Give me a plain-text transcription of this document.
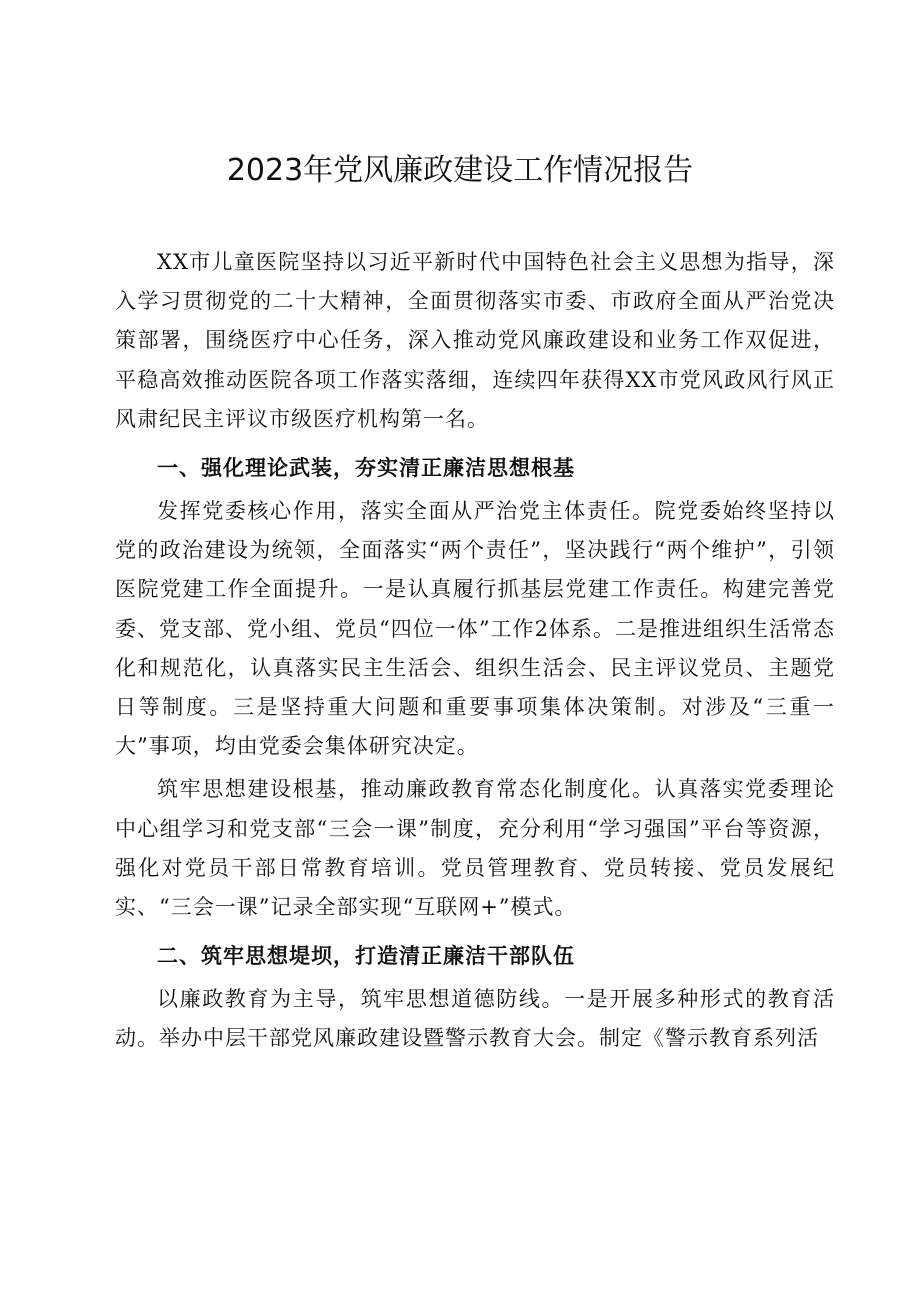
2023年党风廉政建设工作情况报告

XX市儿童医院坚持以习近平新时代中国特色社会主义思想为指导，深入学习贯彻党的二十大精神，全面贯彻落实市委、市政府全面从严治党决策部署，围绕医疗中心任务，深入推动党风廉政建设和业务工作双促进，平稳高效推动医院各项工作落实落细，连续四年获得XX市党风政风行风正风肃纪民主评议市级医疗机构第一名。

一、强化理论武装，夯实清正廉洁思想根基

发挥党委核心作用，落实全面从严治党主体责任。院党委始终坚持以党的政治建设为统领，全面落实“两个责任”，坚决践行“两个维护”，引领医院党建工作全面提升。一是认真履行抓基层党建工作责任。构建完善党委、党支部、党小组、党员“四位一体”工作2体系。二是推进组织生活常态化和规范化，认真落实民主生活会、组织生活会、民主评议党员、主题党日等制度。三是坚持重大问题和重要事项集体决策制。对涉及“三重一大”事项，均由党委会集体研究决定。

筑牢思想建设根基，推动廉政教育常态化制度化。认真落实党委理论中心组学习和党支部“三会一课”制度，充分利用“学习强国”平台等资源，强化对党员干部日常教育培训。党员管理教育、党员转接、党员发展纪实、“三会一课”记录全部实现“互联网+”模式。

二、筑牢思想堤坝，打造清正廉洁干部队伍

以廉政教育为主导，筑牢思想道德防线。一是开展多种形式的教育活动。举办中层干部党风廉政建设暨警示教育大会。制定《警示教育系列活
